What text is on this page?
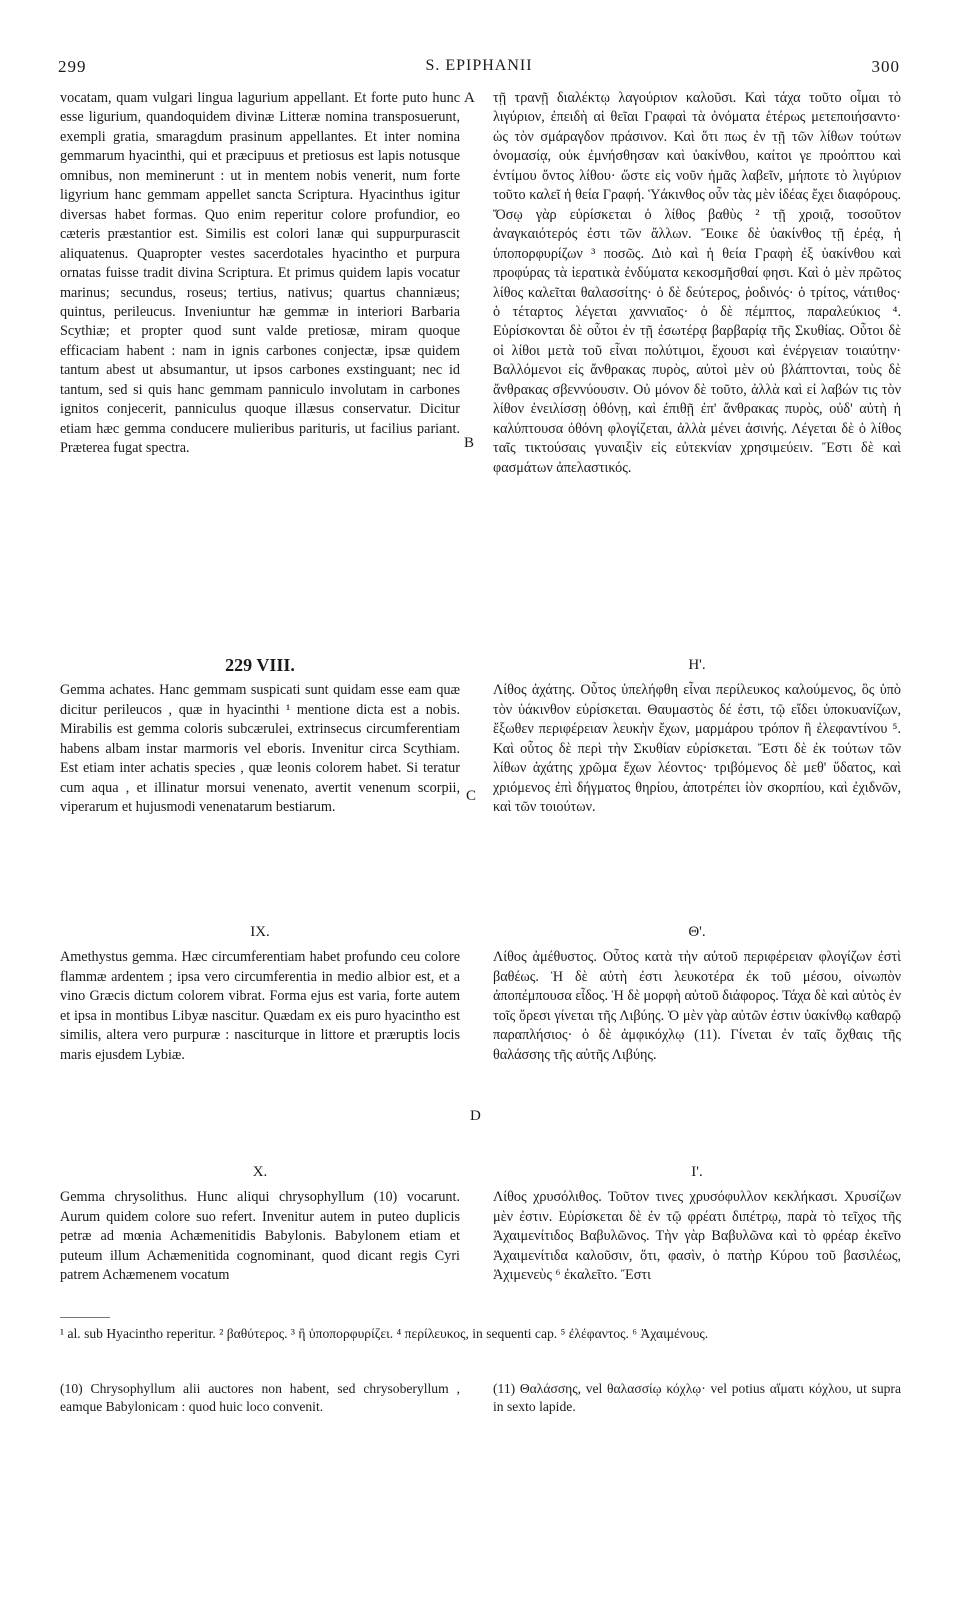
299	S. EPIPHANII	300
A
B
C
D

vocatam, quam vulgari lingua lagurium appellant. Et forte puto hunc esse ligurium, quandoquidem divinæ Litteræ nomina transposuerunt, exempli gratia, smaragdum prasinum appellantes. Et inter nomina gemmarum hyacinthi, qui et præcipuus et pretiosus est lapis notusque omnibus, non meminerunt : ut in mentem nobis venerit, num forte ligyrium hanc gemmam appellet sancta Scriptura. Hyacinthus igitur diversas habet formas. Quo enim reperitur colore profundior, eo cæteris præstantior est. Similis est colori lanæ qui suppurpurascit aliquatenus. Quapropter vestes sacerdotales hyacintho et purpura ornatas fuisse tradit divina Scriptura. Et primus quidem lapis vocatur marinus; secundus, roseus; tertius, nativus; quartus channiæus; quintus, perileucus. Inveniuntur hæ gemmæ in interiori Barbaria Scythiæ; et propter quod sunt valde pretiosæ, miram quoque efficaciam habent : nam in ignis carbones conjectæ, ipsæ quidem tantum abest ut absumantur, ut ipsos carbones exstinguant; nec id tantum, sed si quis hanc gemmam panniculo involutam in carbones ignitos conjecerit, panniculus quoque illæsus conservatur. Dicitur etiam hæc gemma conducere mulieribus parituris, ut facilius pariant. Præterea fugat spectra.

229 VIII.

Gemma achates. Hanc gemmam suspicati sunt quidam esse eam quæ dicitur perileucos , quæ in hyacinthi ¹ mentione dicta est a nobis. Mirabilis est gemma coloris subcærulei, extrinsecus circumferentiam habens albam instar marmoris vel eboris. Invenitur circa Scythiam. Est etiam inter achatis species , quæ leonis colorem habet. Si teratur cum aqua , et illinatur morsui venenato, avertit venenum scorpii, viperarum et hujusmodi venenatarum bestiarum.

IX.

Amethystus gemma. Hæc circumferentiam habet profundo ceu colore flammæ ardentem ; ipsa vero circumferentia in medio albior est, et a vino Græcis dictum colorem vibrat. Forma ejus est varia, forte autem et ipsa in montibus Libyæ nascitur. Quædam ex eis puro hyacintho est similis, altera vero purpuræ : nasciturque in littore et præruptis locis maris ejusdem Lybiæ.

X.

Gemma chrysolithus. Hunc aliqui chrysophyllum (10) vocarunt. Aurum quidem colore suo refert. Invenitur autem in puteo duplicis petræ ad mœnia Achæmenitidis Babylonis. Babylonem etiam et puteum illum Achæmenitida cognominant, quod dicant regis Cyri patrem Achæmenem vocatum

τῇ τρανῇ διαλέκτῳ λαγούριον καλοῦσι. Καὶ τάχα τοῦτο οἶμαι τὸ λιγύριον, ἐπειδὴ αἱ θεῖαι Γραφαὶ τὰ ὀνόματα ἑτέρως μετεποιήσαντο· ὡς τὸν σμάραγδον πράσινον. Καὶ ὅτι πως ἐν τῇ τῶν λίθων τούτων ὀνομασίᾳ, οὐκ ἐμνήσθησαν καὶ ὑακίνθου, καίτοι γε προόπτου καὶ ἐντίμου ὄντος λίθου· ὥστε εἰς νοῦν ἡμᾶς λαβεῖν, μήποτε τὸ λιγύριον τοῦτο καλεῖ ἡ θεία Γραφή. Ὑάκινθος οὖν τὰς μὲν ἰδέας ἔχει διαφόρους. Ὅσῳ γὰρ εὑρίσκεται ὁ λίθος βαθὺς ² τῇ χροιᾷ, τοσοῦτον ἀναγκαιότερός ἐστι τῶν ἄλλων. Ἔοικε δὲ ὑακίνθος τῇ ἐρέᾳ, ἡ ὑποπορφυρίζων ³ ποσῶς. Διὸ καὶ ἡ θεία Γραφὴ ἐξ ὑακίνθου καὶ προφύρας τὰ ἱερατικὰ ἐνδύματα κεκοσμῆσθαί φησι. Καὶ ὁ μὲν πρῶτος λίθος καλεῖται θαλασσίτης· ὁ δὲ δεύτερος, ῥοδινός· ὁ τρίτος, νάτιθος· ὁ τέταρτος λέγεται χαννιαῖος· ὁ δὲ πέμπτος, παραλεύκιος ⁴. Εὑρίσκονται δὲ οὗτοι ἐν τῇ ἐσωτέρᾳ βαρβαρίᾳ τῆς Σκυθίας. Οὗτοι δὲ οἱ λίθοι μετὰ τοῦ εἶναι πολύτιμοι, ἔχουσι καὶ ἐνέργειαν τοιαύτην· Βαλλόμενοι εἰς ἄνθρακας πυρὸς, αὐτοὶ μὲν οὐ βλάπτονται, τοὺς δὲ ἄνθρακας σβεννύουσιν. Οὐ μόνον δὲ τοῦτο, ἀλλὰ καὶ εἰ λαβών τις τὸν λίθον ἐνειλίσσῃ ὀθόνῃ, καὶ ἐπιθῇ ἐπ' ἄνθρακας πυρὸς, οὐδ' αὐτὴ ἡ καλύπτουσα ὀθόνη φλογίζεται, ἀλλὰ μένει ἀσινής. Λέγεται δὲ ὁ λίθος ταῖς τικτούσαις γυναιξὶν εἰς εὐτεκνίαν χρησιμεύειν. Ἔστι δὲ καὶ φασμάτων ἀπελαστικός.

Η'.

Λίθος ἀχάτης. Οὗτος ὑπελήφθη εἶναι περίλευκος καλούμενος, ὃς ὑπὸ τὸν ὑάκινθον εὑρίσκεται. Θαυμαστὸς δέ ἐστι, τῷ εἴδει ὑποκυανίζων, ἔξωθεν περιφέρειαν λευκὴν ἔχων, μαρμάρου τρόπον ἢ ἐλεφαντίνου ⁵. Καὶ οὗτος δὲ περὶ τὴν Σκυθίαν εὑρίσκεται. Ἔστι δὲ ἐκ τούτων τῶν λίθων ἀχάτης χρῶμα ἔχων λέοντος· τριβόμενος δὲ μεθ' ὕδατος, καὶ χριόμενος ἐπὶ δήγματος θηρίου, ἀποτρέπει ἰὸν σκορπίου, καὶ ἐχιδνῶν, καὶ τῶν τοιούτων.

Θ'.

Λίθος ἀμέθυστος. Οὗτος κατὰ τὴν αὐτοῦ περιφέρειαν φλογίζων ἐστὶ βαθέως. Ἡ δὲ αὐτὴ ἐστι λευκοτέρα ἐκ τοῦ μέσου, οἰνωπὸν ἀποπέμπουσα εἶδος. Ἡ δὲ μορφὴ αὐτοῦ διάφορος. Τάχα δὲ καὶ αὐτὸς ἐν τοῖς ὄρεσι γίνεται τῆς Λιβύης. Ὁ μὲν γὰρ αὐτῶν ἐστιν ὑακίνθῳ καθαρῷ παραπλήσιος· ὁ δὲ ἀμφικόχλῳ (11). Γίνεται ἐν ταῖς ὄχθαις τῆς θαλάσσης τῆς αὐτῆς Λιβύης.

Ι'.

Λίθος χρυσόλιθος. Τοῦτον τινες χρυσόφυλλον κεκλήκασι. Χρυσίζων μὲν ἐστιν. Εὑρίσκεται δὲ ἐν τῷ φρέατι διπέτρῳ, παρὰ τὸ τεῖχος τῆς Ἀχαιμενίτιδος Βαβυλῶνος. Τὴν γὰρ Βαβυλῶνα καὶ τὸ φρέαρ ἐκεῖνο Ἀχαιμενίτιδα καλοῦσιν, ὅτι, φασὶν, ὁ πατὴρ Κύρου τοῦ βασιλέως, Ἀχιμενεὺς ⁶ ἐκαλεῖτο. Ἔστι

¹ al. sub Hyacintho reperitur. ² βαθύτερος. ³ ἢ ὑποπορφυρίζει. ⁴ περίλευκος, in sequenti cap. ⁵ ἐλέφαντος. ⁶ Ἀχαιμένους.

(10) Chrysophyllum alii auctores non habent, sed chrysoberyllum , eamque Babylonicam : quod huic loco convenit.

(11) Θαλάσσης, vel θαλασσίῳ κόχλῳ· vel potius αἵματι κόχλου, ut supra in sexto lapide.
